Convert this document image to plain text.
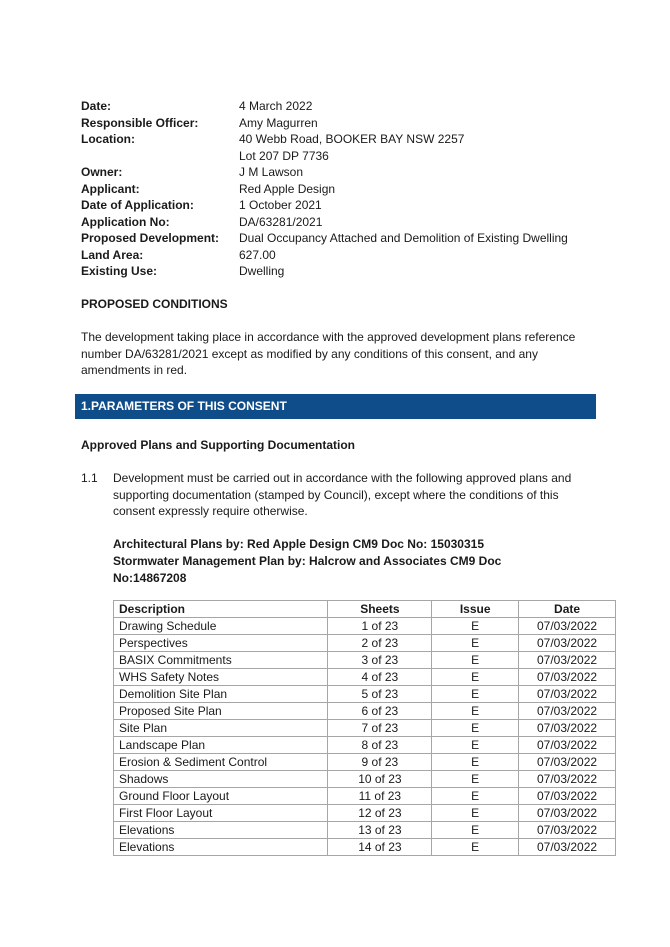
Date:	4 March 2022
Responsible Officer:	Amy Magurren
Location:	40 Webb Road, BOOKER BAY NSW 2257
Lot 207 DP 7736
Owner:	J M Lawson
Applicant:	Red Apple Design
Date of Application:	1 October 2021
Application No:	DA/63281/2021
Proposed Development:	Dual Occupancy Attached and Demolition of Existing Dwelling
Land Area:	627.00
Existing Use:	Dwelling
PROPOSED CONDITIONS
The development taking place in accordance with the approved development plans reference number DA/63281/2021 except as modified by any conditions of this consent, and any amendments in red.
1.PARAMETERS OF THIS CONSENT
Approved Plans and Supporting Documentation
1.1	Development must be carried out in accordance with the following approved plans and supporting documentation (stamped by Council), except where the conditions of this consent expressly require otherwise.
Architectural Plans by: Red Apple Design CM9 Doc No: 15030315
Stormwater Management Plan by: Halcrow and Associates CM9 Doc
No:14867208
Description	Sheets	Issue	Date
Drawing Schedule	1 of 23	E	07/03/2022
Perspectives	2 of 23	E	07/03/2022
BASIX Commitments	3 of 23	E	07/03/2022
WHS Safety Notes	4 of 23	E	07/03/2022
Demolition Site Plan	5 of 23	E	07/03/2022
Proposed Site Plan	6 of 23	E	07/03/2022
Site Plan	7 of 23	E	07/03/2022
Landscape Plan	8 of 23	E	07/03/2022
Erosion & Sediment Control	9 of 23	E	07/03/2022
Shadows	10 of 23	E	07/03/2022
Ground Floor Layout	11 of 23	E	07/03/2022
First Floor Layout	12 of 23	E	07/03/2022
Elevations	13 of 23	E	07/03/2022
Elevations	14 of 23	E	07/03/2022
